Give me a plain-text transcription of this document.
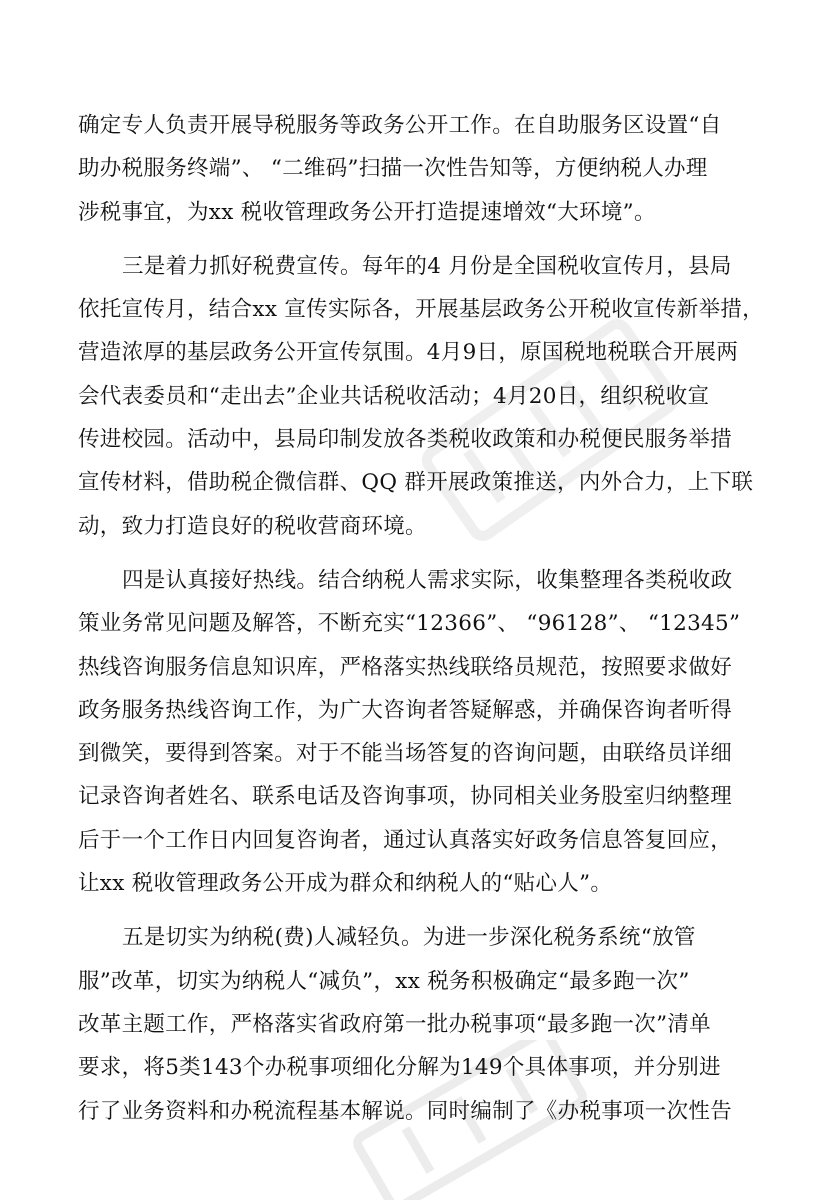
确定专人负责开展导税服务等政务公开工作。在自助服务区设置“自
助办税服务终端”、 “二维码”扫描一次性告知等，方便纳税人办理
涉税事宜，为xx 税收管理政务公开打造提速增效“大环境”。
三是着力抓好税费宣传。每年的4 月份是全国税收宣传月，县局
依托宣传月，结合xx 宣传实际各，开展基层政务公开税收宣传新举措，
营造浓厚的基层政务公开宣传氛围。4月9日，原国税地税联合开展两
会代表委员和“走出去”企业共话税收活动；4月20日，组织税收宣
传进校园。活动中，县局印制发放各类税收政策和办税便民服务举措
宣传材料，借助税企微信群、QQ 群开展政策推送，内外合力，上下联
动，致力打造良好的税收营商环境。
四是认真接好热线。结合纳税人需求实际，收集整理各类税收政
策业务常见问题及解答，不断充实“12366”、 “96128”、 “12345”
热线咨询服务信息知识库，严格落实热线联络员规范，按照要求做好
政务服务热线咨询工作，为广大咨询者答疑解惑，并确保咨询者听得
到微笑，要得到答案。对于不能当场答复的咨询问题，由联络员详细
记录咨询者姓名、联系电话及咨询事项，协同相关业务股室归纳整理
后于一个工作日内回复咨询者，通过认真落实好政务信息答复回应，
让xx 税收管理政务公开成为群众和纳税人的“贴心人”。
五是切实为纳税(费)人减轻负。为进一步深化税务系统“放管
服”改革，切实为纳税人“减负”，xx 税务积极确定“最多跑一次”
改革主题工作，严格落实省政府第一批办税事项“最多跑一次”清单
要求，将5类143个办税事项细化分解为149个具体事项，并分别进
行了业务资料和办税流程基本解说。同时编制了《办税事项一次性告
